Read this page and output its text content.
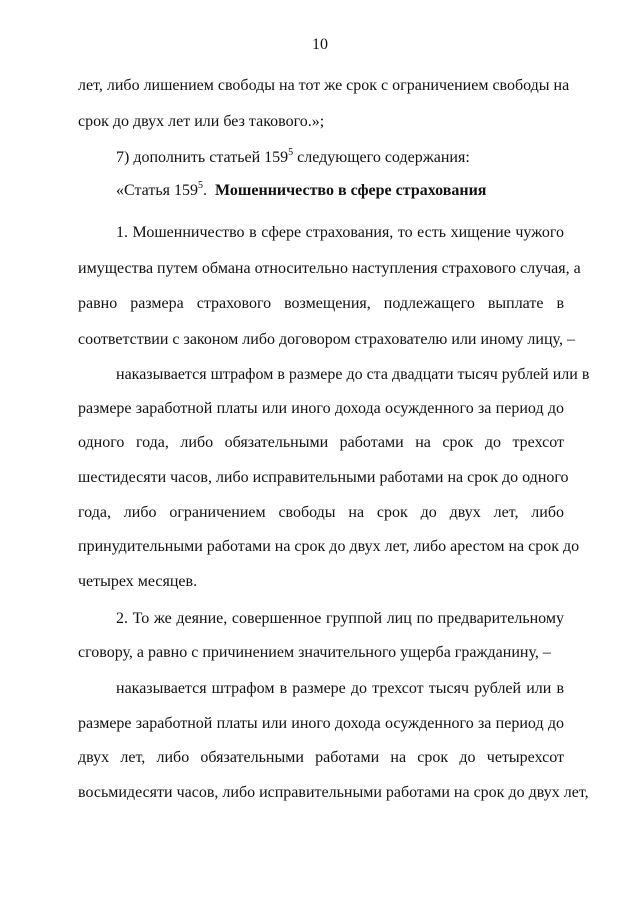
10
лет, либо лишением свободы на тот же срок с ограничением свободы на
срок до двух лет или без такового.»;
7) дополнить статьей $159^5$ следующего содержания:
«Статья $159^5$. Мошенничество в сфере страхования
1. Мошенничество в сфере страхования, то есть хищение чужого
имущества путем обмана относительно наступления страхового случая, а
равно размера страхового возмещения, подлежащего выплате в
соответствии с законом либо договором страхователю или иному лицу, –
наказывается штрафом в размере до ста двадцати тысяч рублей или в
размере заработной платы или иного дохода осужденного за период до
одного года, либо обязательными работами на срок до трехсот
шестидесяти часов, либо исправительными работами на срок до одного
года, либо ограничением свободы на срок до двух лет, либо
принудительными работами на срок до двух лет, либо арестом на срок до
четырех месяцев.
2. То же деяние, совершенное группой лиц по предварительному
сговору, а равно с причинением значительного ущерба гражданину, –
наказывается штрафом в размере до трехсот тысяч рублей или в
размере заработной платы или иного дохода осужденного за период до
двух лет, либо обязательными работами на срок до четырехсот
восьмидесяти часов, либо исправительными работами на срок до двух лет,
